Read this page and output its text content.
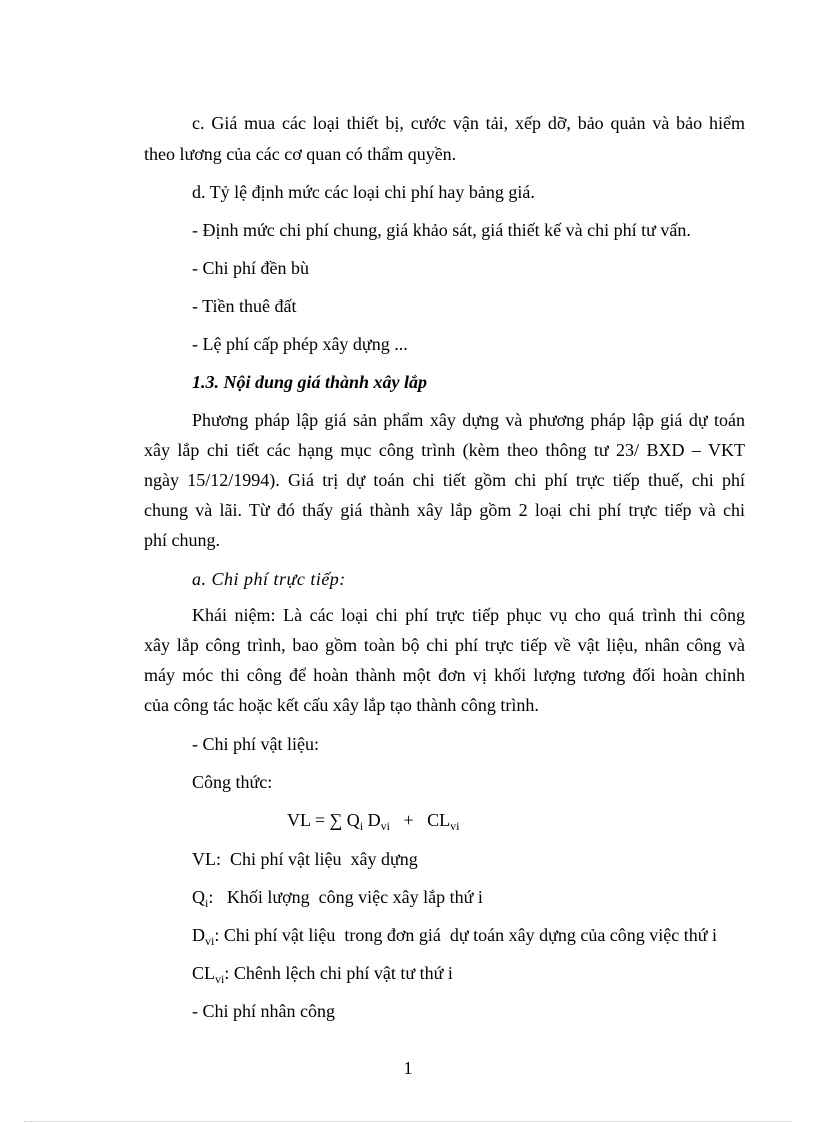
c. Giá mua các loại thiết bị, cước vận tải, xếp dỡ, bảo quản và bảo hiểm
theo lương của các cơ quan có thẩm quyền.
d. Tỷ lệ định mức các loại chi phí hay bảng giá.
- Định mức chi phí chung, giá khảo sát, giá thiết kế và chi phí tư vấn.
- Chi phí đền bù
- Tiền thuê đất
- Lệ phí cấp phép xây dựng ...
1.3. Nội dung giá thành xây lắp
Phương pháp lập giá sản phẩm xây dựng và phương pháp lập giá dự toán
xây lắp chi tiết các hạng mục công trình (kèm theo thông tư 23/ BXD – VKT
ngày 15/12/1994). Giá trị dự toán chi tiết gồm chi phí trực tiếp thuế, chi phí
chung và lãi. Từ đó thấy giá thành xây lắp gồm 2 loại chi phí trực tiếp và chi
phí chung.
a. Chi phí trực tiếp:
Khái niệm: Là các loại chi phí trực tiếp phục vụ cho quá trình thi công
xây lắp công trình, bao gồm toàn bộ chi phí trực tiếp về vật liệu, nhân công và
máy móc thi công để hoàn thành một đơn vị khối lượng tương đối hoàn chỉnh
của công tác hoặc kết cấu xây lắp tạo thành công trình.
- Chi phí vật liệu:
Công thức:
VL = ∑ $Q_i$ $D_{vi} + CL_{vi}$
VL:  Chi phí vật liệu  xây dựng
$Q_i$:   Khối lượng  công việc xây lắp thứ i
$D_{vi}$: Chi phí vật liệu  trong đơn giá  dự toán xây dựng của công việc thứ i
$CL_{vi}$: Chênh lệch chi phí vật tư thứ i
- Chi phí nhân công
1
